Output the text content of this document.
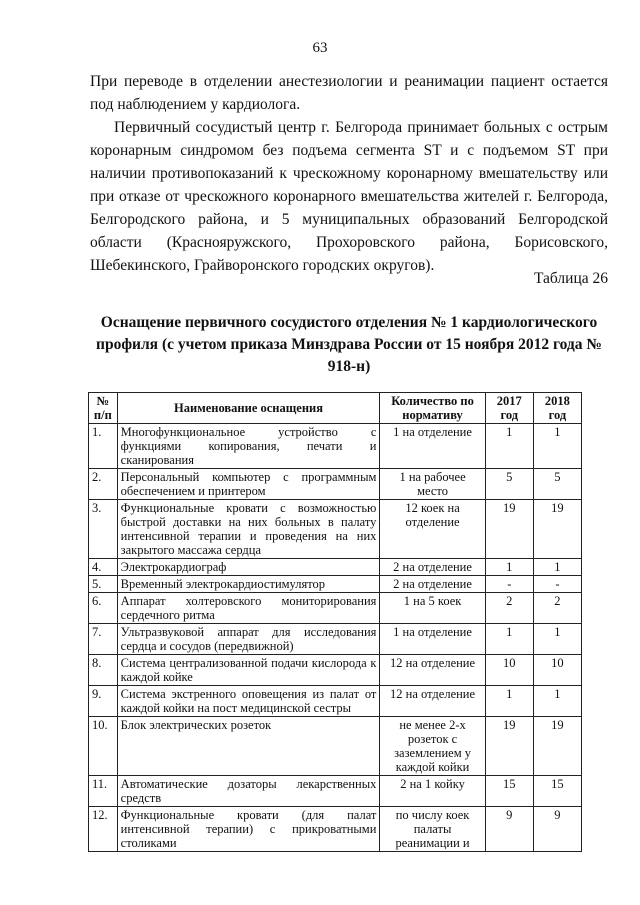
63
При переводе в отделении анестезиологии и реанимации пациент остается под наблюдением у кардиолога.
Первичный сосудистый центр г. Белгорода принимает больных с острым коронарным синдромом без подъема сегмента ST и с подъемом ST при наличии противопоказаний к чрескожному коронарному вмешательству или при отказе от чрескожного коронарного вмешательства жителей г. Белгорода, Белгородского района, и 5 муниципальных образований Белгородской области (Краснояружского, Прохоровского района, Борисовского, Шебекинского, Грайворонского городских округов).
Таблица 26
Оснащение первичного сосудистого отделения № 1 кардиологического профиля (с учетом приказа Минздрава России от 15 ноября 2012 года № 918-н)
№ п/п	Наименование оснащения	Количество по нормативу	2017 год	2018 год
1.	Многофункциональное устройство с функциями копирования, печати и сканирования	1 на отделение	1	1
2.	Персональный компьютер с программным обеспечением и принтером	1 на рабочее место	5	5
3.	Функциональные кровати с возможностью быстрой доставки на них больных в палату интенсивной терапии и проведения на них закрытого массажа сердца	12 коек на отделение	19	19
4.	Электрокардиограф	2 на отделение	1	1
5.	Временный электрокардиостимулятор	2 на отделение	-	-
6.	Аппарат холтеровского мониторирования сердечного ритма	1 на 5 коек	2	2
7.	Ультразвуковой аппарат для исследования сердца и сосудов (передвижной)	1 на отделение	1	1
8.	Система централизованной подачи кислорода к каждой койке	12 на отделение	10	10
9.	Система экстренного оповещения из палат от каждой койки на пост медицинской сестры	12 на отделение	1	1
10.	Блок электрических розеток	не менее 2-х розеток с заземлением у каждой койки	19	19
11.	Автоматические дозаторы лекарственных средств	2 на 1 койку	15	15
12.	Функциональные кровати (для палат интенсивной терапии) с прикроватными столиками	по числу коек палаты реанимации и	9	9
